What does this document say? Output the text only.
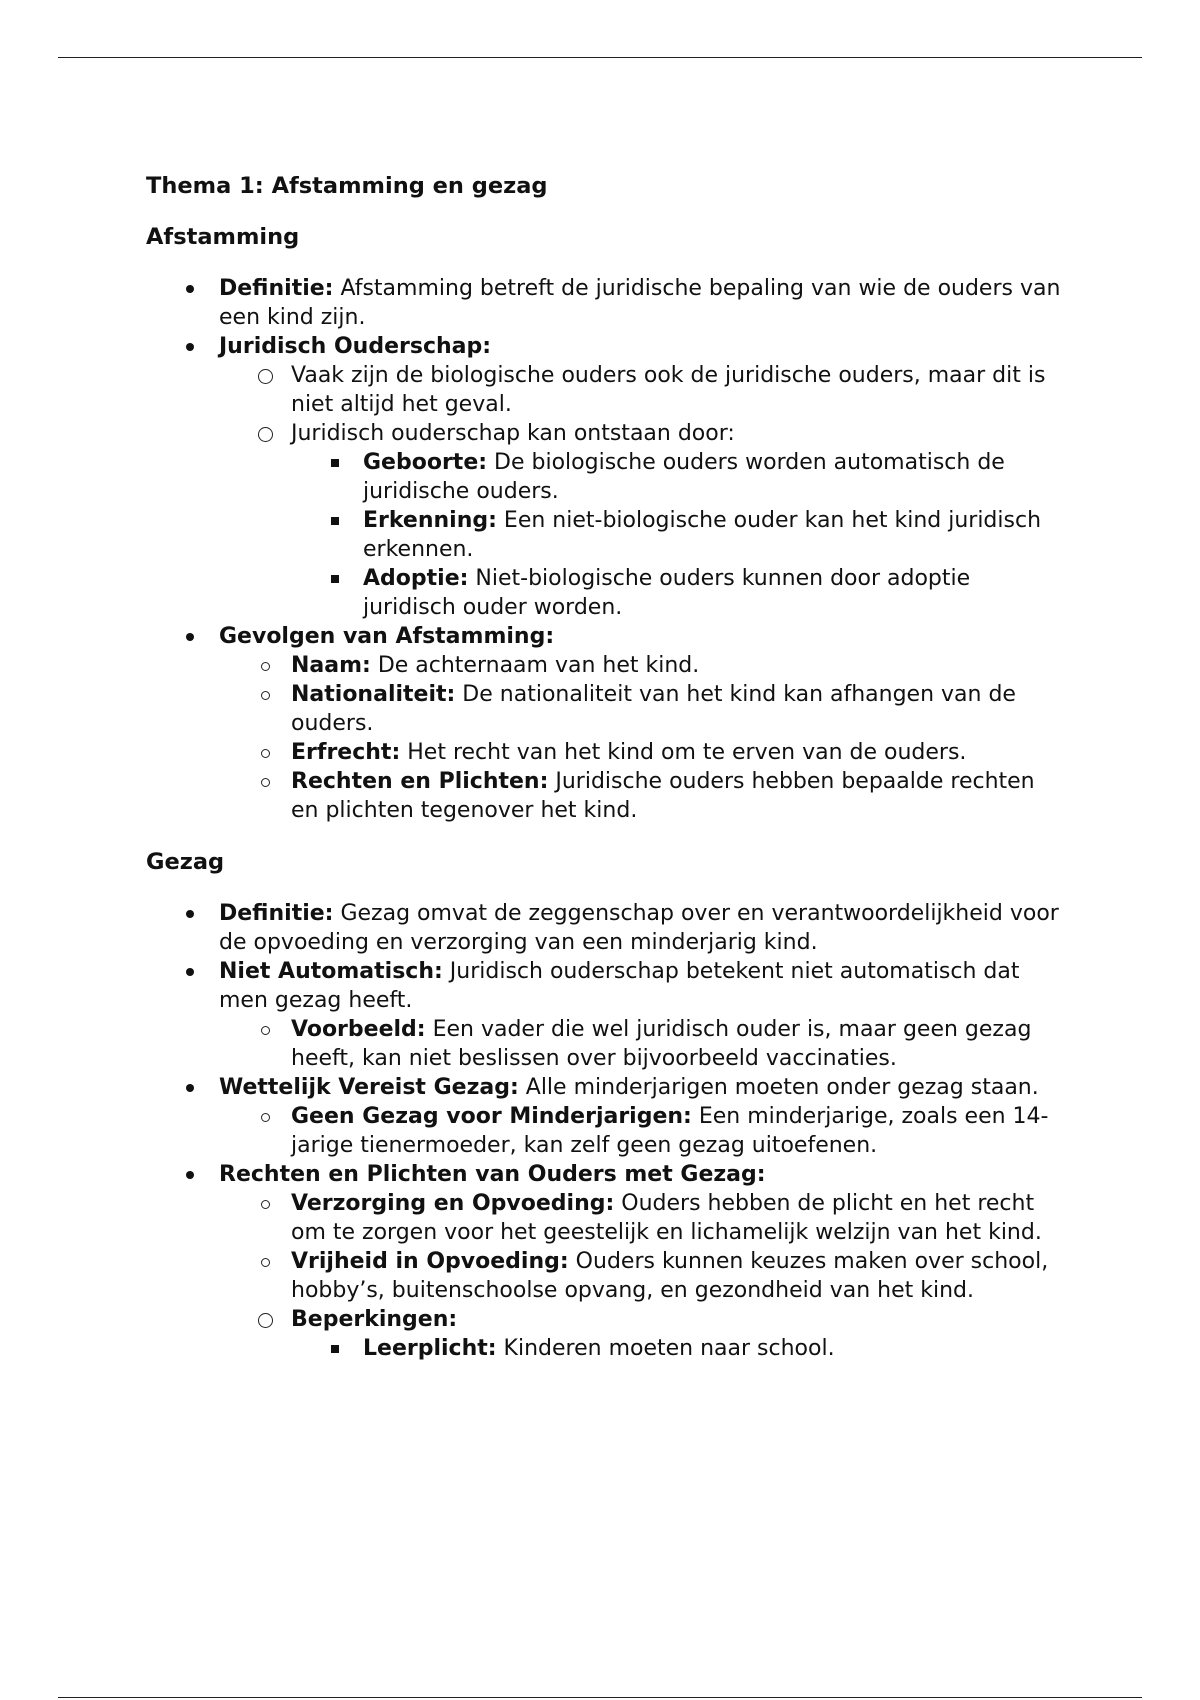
Thema 1: Afstamming en gezag
Afstamming
Definitie: Afstamming betreft de juridische bepaling van wie de ouders van een kind zijn.
Juridisch Ouderschap:
Vaak zijn de biologische ouders ook de juridische ouders, maar dit is niet altijd het geval.
Juridisch ouderschap kan ontstaan door:
Geboorte: De biologische ouders worden automatisch de juridische ouders.
Erkenning: Een niet-biologische ouder kan het kind juridisch erkennen.
Adoptie: Niet-biologische ouders kunnen door adoptie juridisch ouder worden.
Gevolgen van Afstamming:
Naam: De achternaam van het kind.
Nationaliteit: De nationaliteit van het kind kan afhangen van de ouders.
Erfrecht: Het recht van het kind om te erven van de ouders.
Rechten en Plichten: Juridische ouders hebben bepaalde rechten en plichten tegenover het kind.
Gezag
Definitie: Gezag omvat de zeggenschap over en verantwoordelijkheid voor de opvoeding en verzorging van een minderjarig kind.
Niet Automatisch: Juridisch ouderschap betekent niet automatisch dat men gezag heeft.
Voorbeeld: Een vader die wel juridisch ouder is, maar geen gezag heeft, kan niet beslissen over bijvoorbeeld vaccinaties.
Wettelijk Vereist Gezag: Alle minderjarigen moeten onder gezag staan.
Geen Gezag voor Minderjarigen: Een minderjarige, zoals een 14-jarige tienermoeder, kan zelf geen gezag uitoefenen.
Rechten en Plichten van Ouders met Gezag:
Verzorging en Opvoeding: Ouders hebben de plicht en het recht om te zorgen voor het geestelijk en lichamelijk welzijn van het kind.
Vrijheid in Opvoeding: Ouders kunnen keuzes maken over school, hobby’s, buitenschoolse opvang, en gezondheid van het kind.
Beperkingen:
Leerplicht: Kinderen moeten naar school.
